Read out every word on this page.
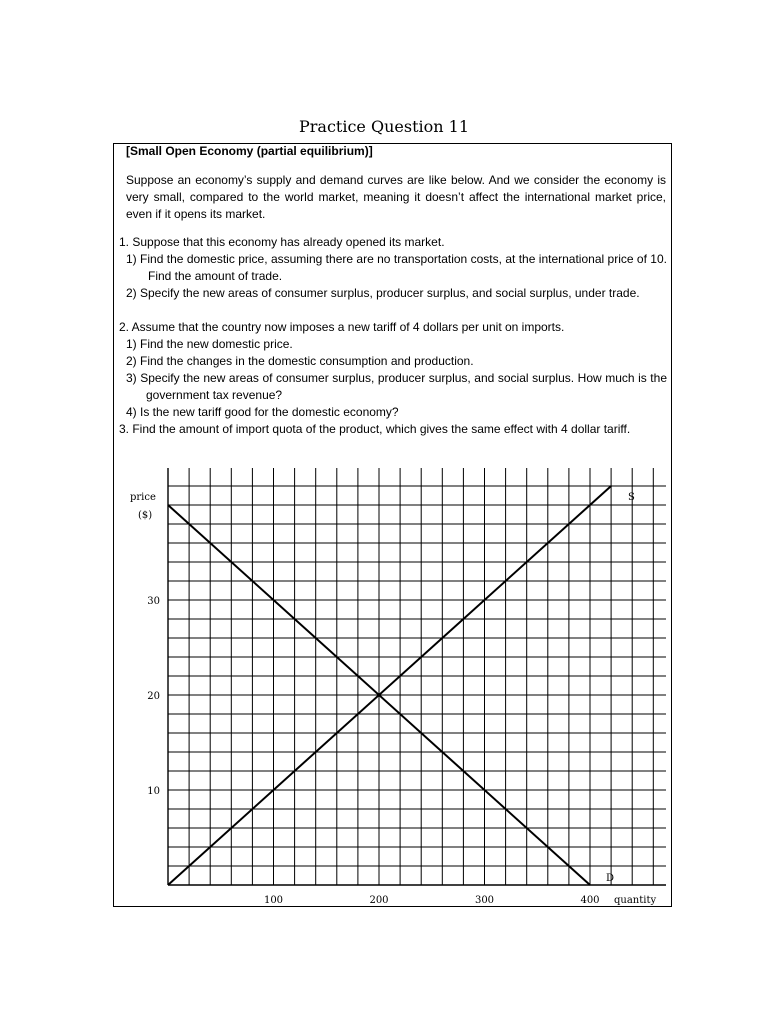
Practice Question 11
[Small Open Economy (partial equilibrium)]
Suppose an economy’s supply and demand curves are like below. And we consider the economy is very small, compared to the world market, meaning it doesn’t affect the international market price, even if it opens its market.
1. Suppose that this economy has already opened its market.
1) Find the domestic price, assuming there are no transportation costs, at the international price of 10. Find the amount of trade.
2) Specify the new areas of consumer surplus, producer surplus, and social surplus, under trade.
2. Assume that the country now imposes a new tariff of 4 dollars per unit on imports.
1) Find the new domestic price.
2) Find the changes in the domestic consumption and production.
3) Specify the new areas of consumer surplus, producer surplus, and social surplus. How much is the government tax revenue?
4) Is the new tariff good for the domestic economy?
3. Find the amount of import quota of the product, which gives the same effect with 4 dollar tariff.
price
($)
quantity
100	200	300	400
10
20
30
D
S
